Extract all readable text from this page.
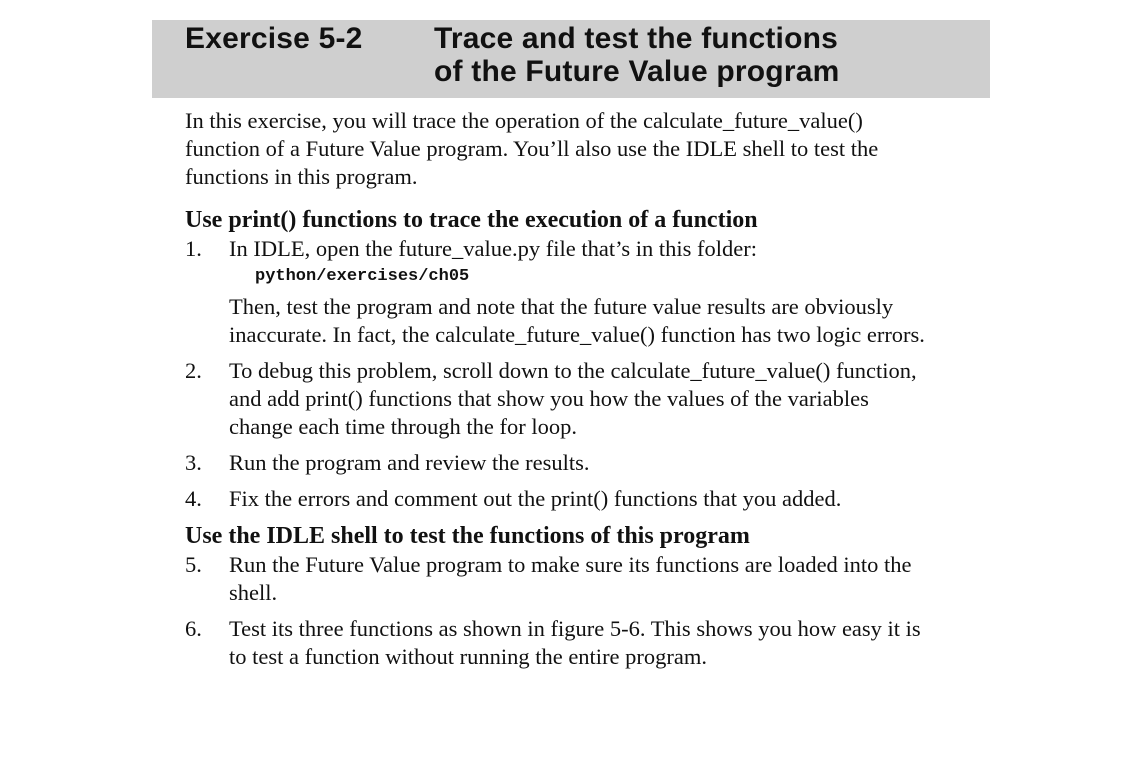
Exercise 5-2 Trace and test the functions
of the Future Value program

In this exercise, you will trace the operation of the calculate_future_value()
function of a Future Value program. You’ll also use the IDLE shell to test the
functions in this program.

Use print() functions to trace the execution of a function
1.	In IDLE, open the future_value.py file that’s in this folder:
python/exercises/ch05
Then, test the program and note that the future value results are obviously
inaccurate. In fact, the calculate_future_value() function has two logic errors.
2.	To debug this problem, scroll down to the calculate_future_value() function,
and add print() functions that show you how the values of the variables
change each time through the for loop.
3.	Run the program and review the results.
4.	Fix the errors and comment out the print() functions that you added.
Use the IDLE shell to test the functions of this program
5.	Run the Future Value program to make sure its functions are loaded into the
shell.
6.	Test its three functions as shown in figure 5-6. This shows you how easy it is
to test a function without running the entire program.
